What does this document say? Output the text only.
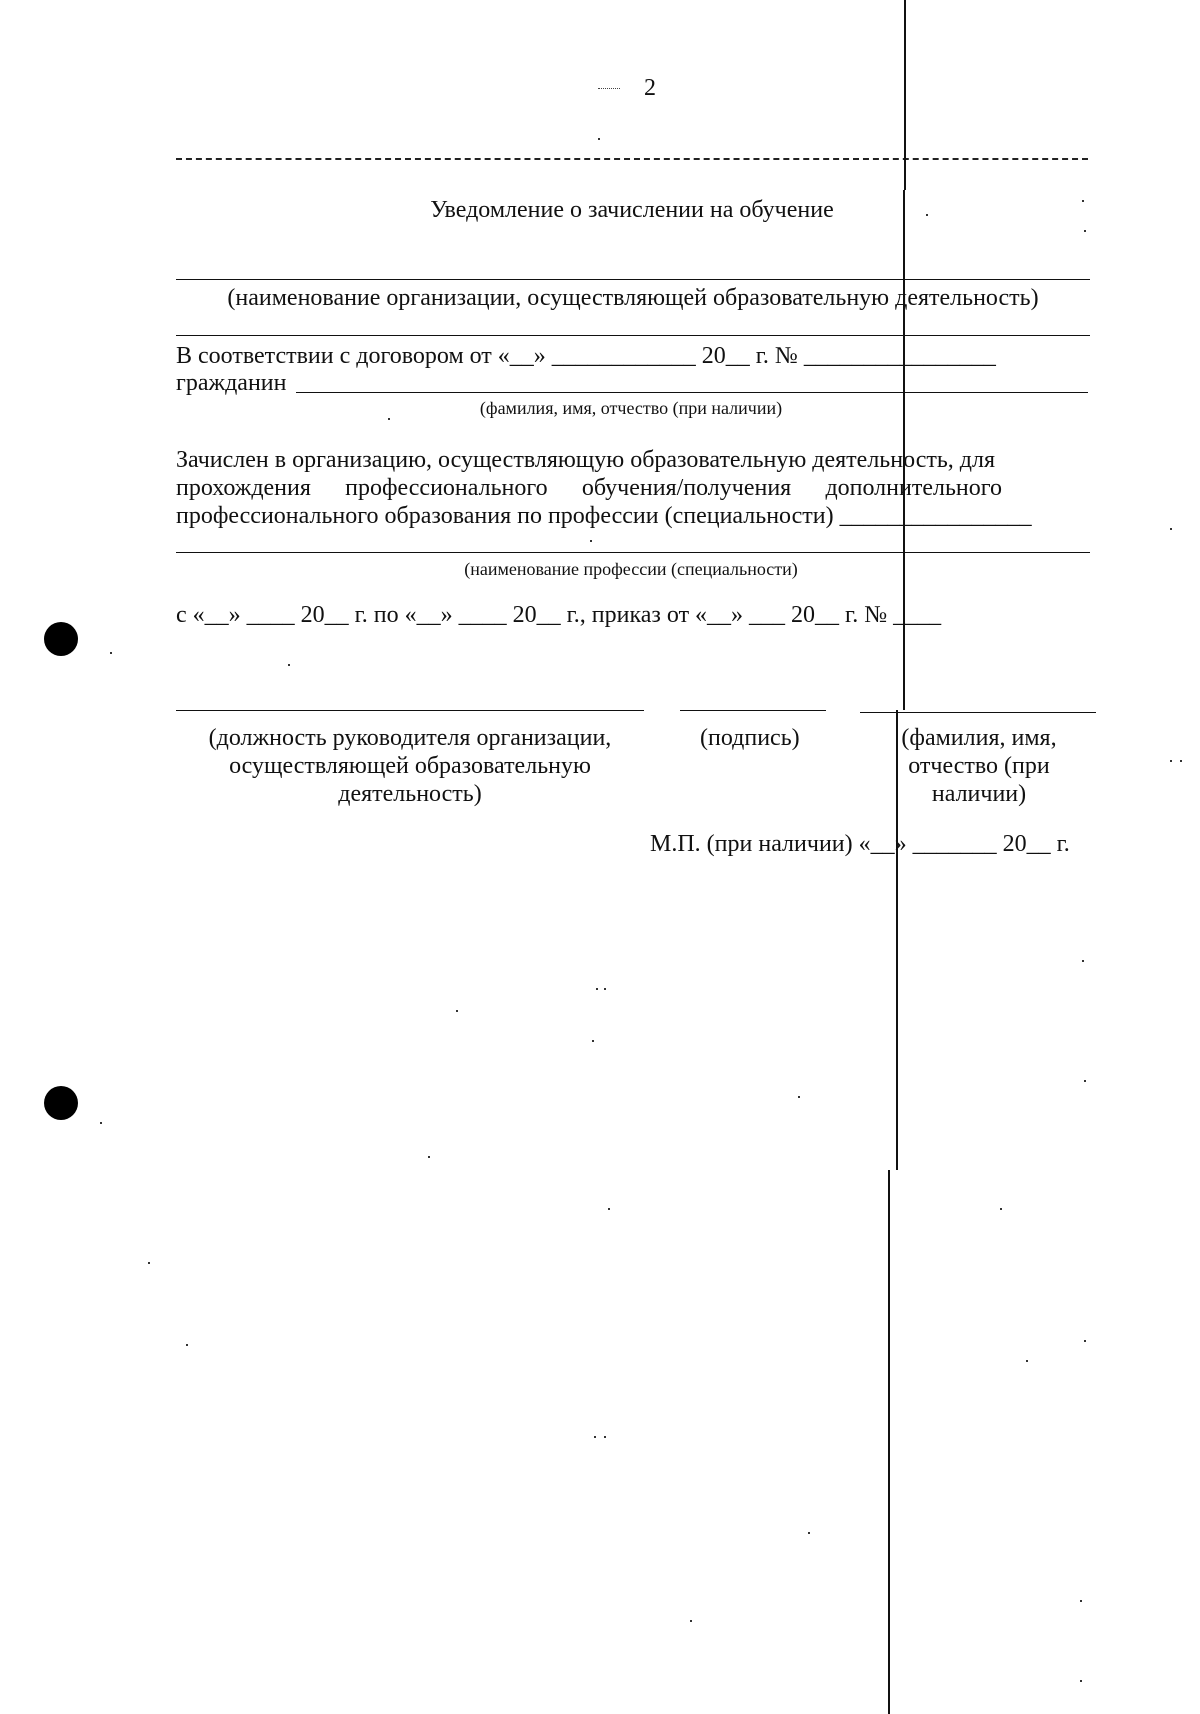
2
Уведомление о зачислении на обучение
(наименование организации, осуществляющей образовательную деятельность)
В соответствии с договором от «__» ____________ 20__ г. № ________________
гражданин
(фамилия, имя, отчество (при наличии)
Зачислен в организацию, осуществляющую образовательную деятельность, для
прохождения профессионального обучения/получения дополнительного
профессионального образования по профессии (специальности) ________________
(наименование профессии (специальности)
с «__» ____ 20__ г. по «__» ____ 20__ г., приказ от «__» ___ 20__ г. № ____
(должность руководителя организации, осуществляющей образовательную деятельность)
(подпись)	(фамилия, имя, отчество (при наличии)
М.П. (при наличии) «__» _______ 20__ г.
